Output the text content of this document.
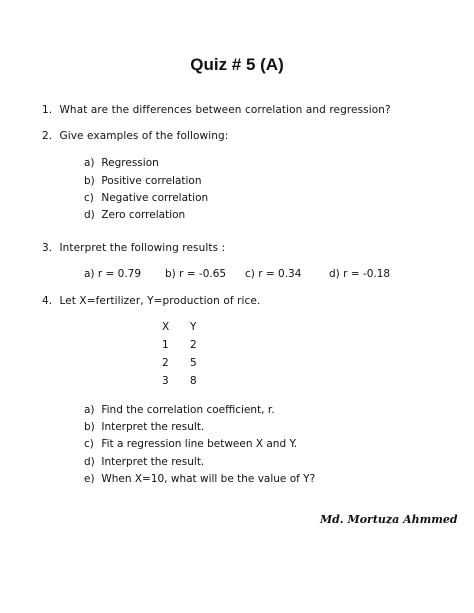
Quiz # 5 (A)
1. What are the differences between correlation and regression?
2. Give examples of the following:
a) Regression
b) Positive correlation
c) Negative correlation
d) Zero correlation
3. Interpret the following results :
a) r = 0.79 b) r = -0.65 c) r = 0.34	d) r = -0.18
4. Let X=fertilizer, Y=production of rice.
X	Y
1	2
2	5
3	8
a) Find the correlation coefficient, r.
b) Interpret the result.
c) Fit a regression line between X and Y.
d) Interpret the result.
e) When X=10, what will be the value of Y?
Md. Mortuza Ahmmed
